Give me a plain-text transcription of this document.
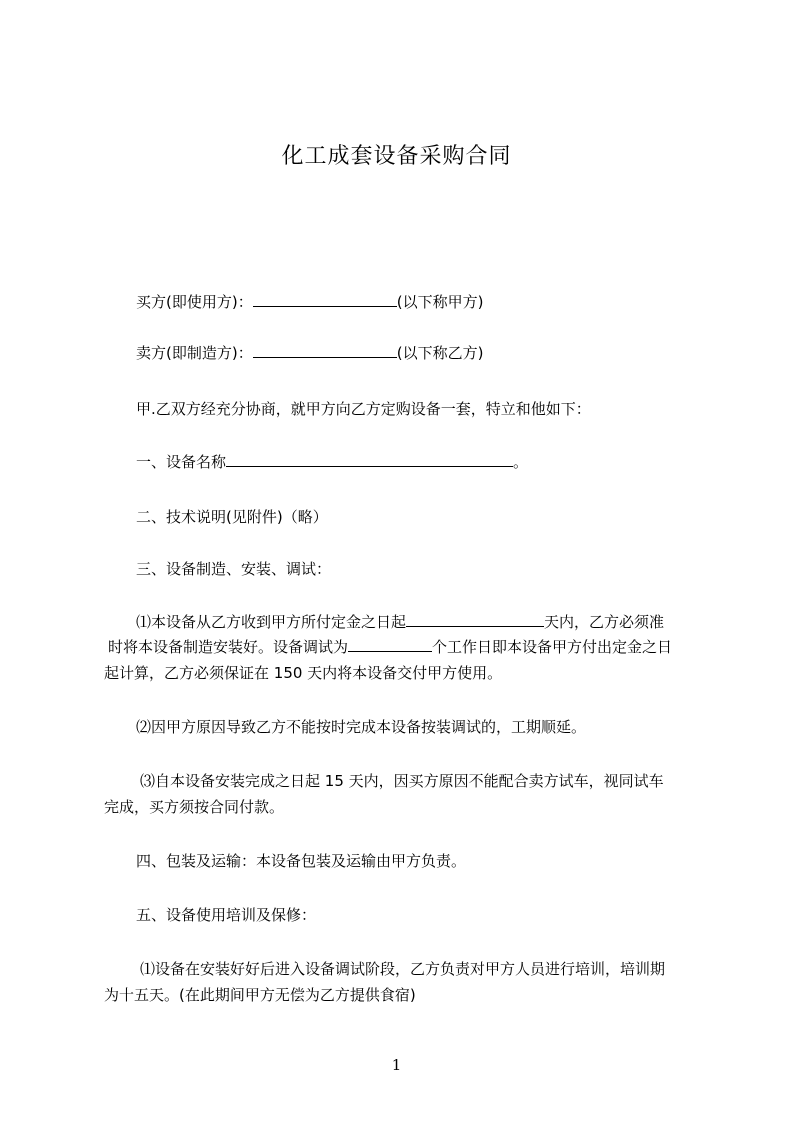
化工成套设备采购合同
买方(即使用方)：	(以下称甲方)
卖方(即制造方)：	(以下称乙方)
甲.乙双方经充分协商，就甲方向乙方定购设备一套，特立和他如下：
一、设备名称	。
二、技术说明(见附件)（略）
三、设备制造、安装、调试：
⑴本设备从乙方收到甲方所付定金之日起	天内，乙方必须准
时将本设备制造安装好。设备调试为	个工作日即本设备甲方付出定金之日
起计算，乙方必须保证在 150 天内将本设备交付甲方使用。
⑵因甲方原因导致乙方不能按时完成本设备按装调试的，工期顺延。
⑶自本设备安装完成之日起 15 天内，因买方原因不能配合卖方试车，视同试车
完成，买方须按合同付款。
四、包装及运输：本设备包装及运输由甲方负责。
五、设备使用培训及保修：
⑴设备在安装好好后进入设备调试阶段，乙方负责对甲方人员进行培训，培训期
为十五天。(在此期间甲方无偿为乙方提供食宿)
1
